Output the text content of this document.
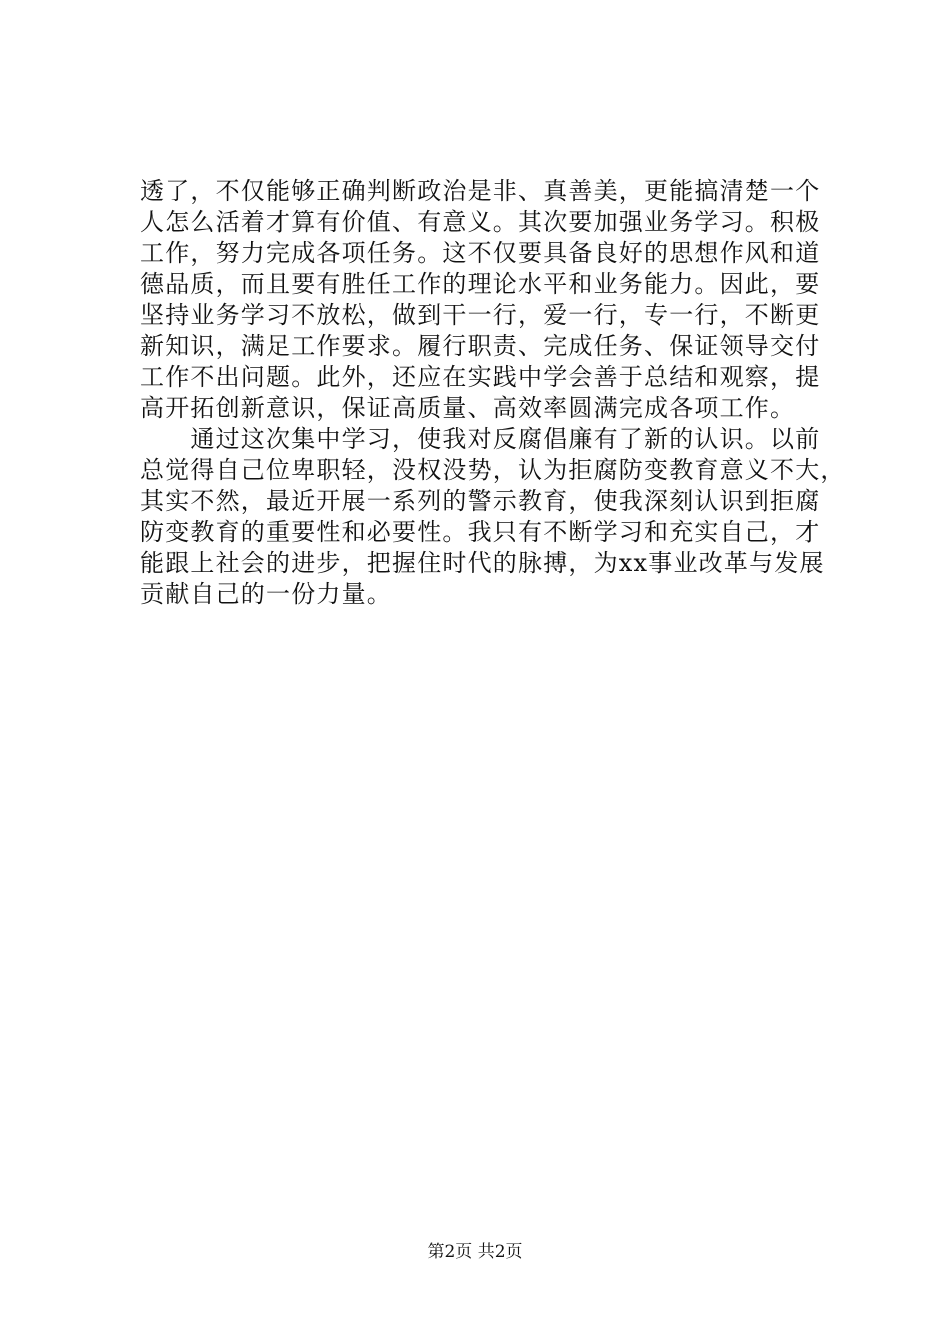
透了，不仅能够正确判断政治是非、真善美，更能搞清楚一个
人怎么活着才算有价值、有意义。其次要加强业务学习。积极
工作，努力完成各项任务。这不仅要具备良好的思想作风和道
德品质，而且要有胜任工作的理论水平和业务能力。因此，要
坚持业务学习不放松，做到干一行，爱一行，专一行，不断更
新知识，满足工作要求。履行职责、完成任务、保证领导交付
工作不出问题。此外，还应在实践中学会善于总结和观察，提
高开拓创新意识，保证高质量、高效率圆满完成各项工作。
　　通过这次集中学习，使我对反腐倡廉有了新的认识。以前
总觉得自己位卑职轻，没权没势，认为拒腐防变教育意义不大，
其实不然，最近开展一系列的警示教育，使我深刻认识到拒腐
防变教育的重要性和必要性。我只有不断学习和充实自己，才
能跟上社会的进步，把握住时代的脉搏，为xx事业改革与发展
贡献自己的一份力量。
第2页 共2页
